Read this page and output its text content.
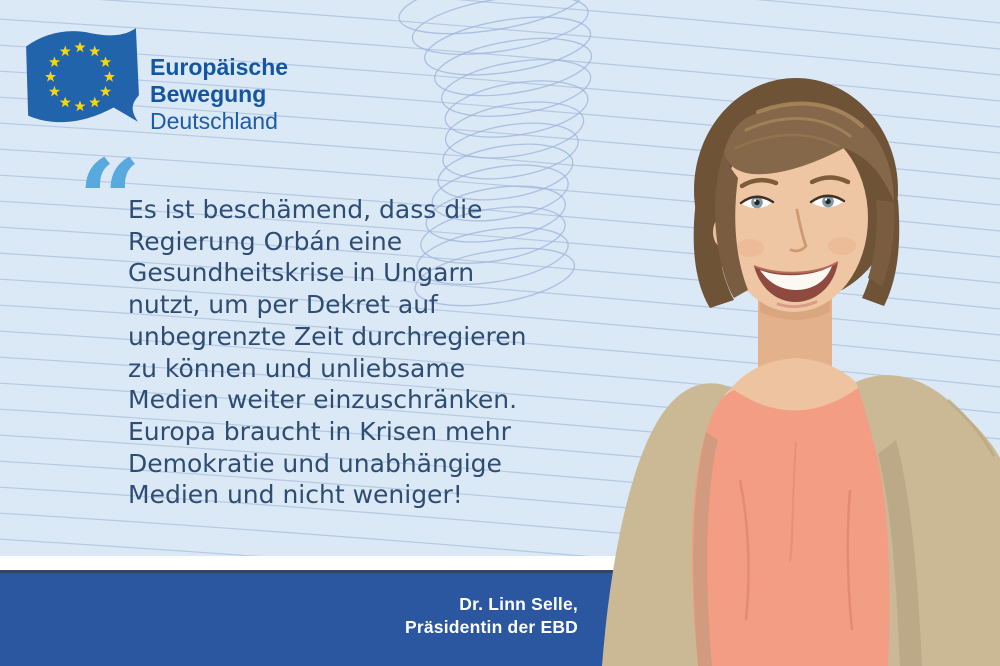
Dr. Linn Selle,
Präsidentin der EBD
Europäische
Bewegung
Deutschland
“
Es ist beschämend, dass die Regierung Orbán eine Gesundheitskrise in Ungarn nutzt, um per Dekret auf unbegrenzte Zeit durchregieren zu können und unliebsame Medien weiter einzuschränken. Europa braucht in Krisen mehr Demokratie und unabhängige Medien und nicht weniger!
